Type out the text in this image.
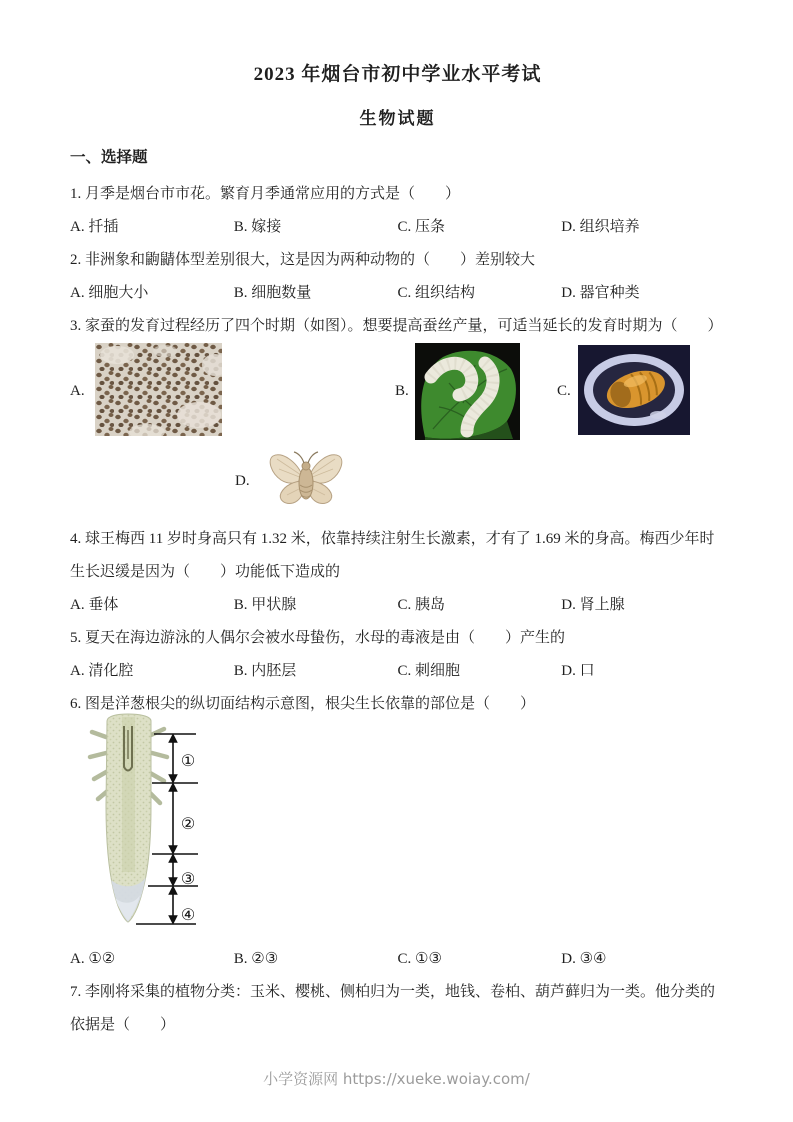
2023 年烟台市初中学业水平考试
生物试题
一、选择题
1. 月季是烟台市市花。繁育月季通常应用的方式是（　　）
A. 扦插	B. 嫁接	C. 压条	D. 组织培养
2. 非洲象和鼩鼱体型差别很大，这是因为两种动物的（　　）差别较大
A. 细胞大小	B. 细胞数量	C. 组织结构	D. 器官种类
3. 家蚕的发育过程经历了四个时期（如图）。想要提高蚕丝产量，可适当延长的发育时期为（　　）
A.	B.	C.
D.
4. 球王梅西 11 岁时身高只有 1.32 米，依靠持续注射生长激素，才有了 1.69 米的身高。梅西少年时生长迟缓是因为（　　）功能低下造成的
A. 垂体	B. 甲状腺	C. 胰岛	D. 肾上腺
5. 夏天在海边游泳的人偶尔会被水母蛰伤，水母的毒液是由（　　）产生的
A. 清化腔	B. 内胚层	C. 刺细胞	D. 口
6. 图是洋葱根尖的纵切面结构示意图，根尖生长依靠的部位是（　　）
①
②
③
④
A. ①②	B. ②③	C. ①③	D. ③④
7. 李刚将采集的植物分类：玉米、樱桃、侧柏归为一类，地钱、卷柏、葫芦藓归为一类。他分类的依据是（　　）
小学资源网 https://xueke.woiay.com/
